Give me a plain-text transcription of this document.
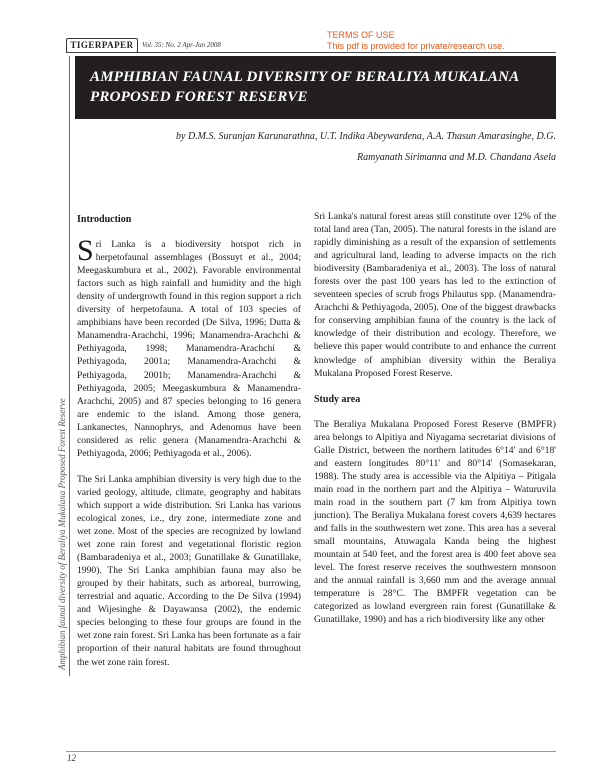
TIGERPAPER	Vol. 35: No. 2 Apr-Jun 2008
TERMS OF USE
This pdf is provided for private/research use.
Amphibian faunal diversity of Beraliya Mukalana Proposed Forest Reserve
AMPHIBIAN FAUNAL DIVERSITY OF BERALIYA MUKALANA PROPOSED FOREST RESERVE
by D.M.S. Suranjan Karunarathna, U.T. Indika Abeywardena, A.A. Thasun Amarasinghe, D.G.
Ramyanath Sirimanna and M.D. Chandana Asela
Introduction

Sri Lanka is a biodiversity hotspot rich in herpetofaunal assemblages (Bossuyt et al., 2004; Meegaskumbura et al., 2002). Favorable environmental factors such as high rainfall and humidity and the high density of undergrowth found in this region support a rich diversity of herpetofauna. A total of 103 species of amphibians have been recorded (De Silva, 1996; Dutta & Manamendra-Arachchi, 1996; Manamendra-Arachchi & Pethiyagoda, 1998; Manamendra-Arachchi & Pethiyagoda, 2001a; Manamendra-Arachchi & Pethiyagoda, 2001b; Manamendra-Arachchi & Pethiyagoda, 2005; Meegaskumbura & Manamendra-Arachchi, 2005) and 87 species belonging to 16 genera are endemic to the island. Among those genera, Lankanectes, Nannophrys, and Adenomus have been considered as relic genera (Manamendra-Arachchi & Pethiyagoda, 2006; Pethiyagoda et al., 2006).

The Sri Lanka amphibian diversity is very high due to the varied geology, altitude, climate, geography and habitats which support a wide distribution. Sri Lanka has various ecological zones, i.e., dry zone, intermediate zone and wet zone. Most of the species are recognized by lowland wet zone rain forest and vegetational floristic region (Bambaradeniya et al., 2003; Gunatillake & Gunatillake, 1990). The Sri Lanka amphibian fauna may also be grouped by their habitats, such as arboreal, burrowing, terrestrial and aquatic. According to the De Silva (1994) and Wijesinghe & Dayawansa (2002), the endemic species belonging to these four groups are found in the wet zone rain forest. Sri Lanka has been fortunate as a fair proportion of their natural habitats are found throughout the wet zone rain forest.

Sri Lanka's natural forest areas still constitute over 12% of the total land area (Tan, 2005). The natural forests in the island are rapidly diminishing as a result of the expansion of settlements and agricultural land, leading to adverse impacts on the rich biodiversity (Bambaradeniya et al., 2003). The loss of natural forests over the past 100 years has led to the extinction of seventeen species of scrub frogs Philautus spp. (Manamendra-Arachchi & Pethiyagoda, 2005). One of the biggest drawbacks for conserving amphibian fauna of the country is the lack of knowledge of their distribution and ecology. Therefore, we believe this paper would contribute to and enhance the current knowledge of amphibian diversity within the Beraliya Mukalana Proposed Forest Reserve.

Study area

The Beraliya Mukalana Proposed Forest Reserve (BMPFR) area belongs to Alpitiya and Niyagama secretariat divisions of Galle District, between the northern latitudes 6°14' and 6°18' and eastern longitudes 80°11' and 80°14' (Somasekaran, 1988). The study area is accessible via the Alpitiya – Pitigala main road in the northern part and the Alpitiya – Waturuvila main road in the southern part (7 km from Alpitiya town junction). The Beraliya Mukalana forest covers 4,639 hectares and falls in the southwestern wet zone. This area has a several small mountains, Atuwagala Kanda being the highest mountain at 540 feet, and the forest area is 400 feet above sea level. The forest reserve receives the southwestern monsoon and the annual rainfall is 3,660 mm and the average annual temperature is 28°C. The BMPFR vegetation can be categorized as lowland evergreen rain forest (Gunatillake & Gunatillake, 1990) and has a rich biodiversity like any other

12
